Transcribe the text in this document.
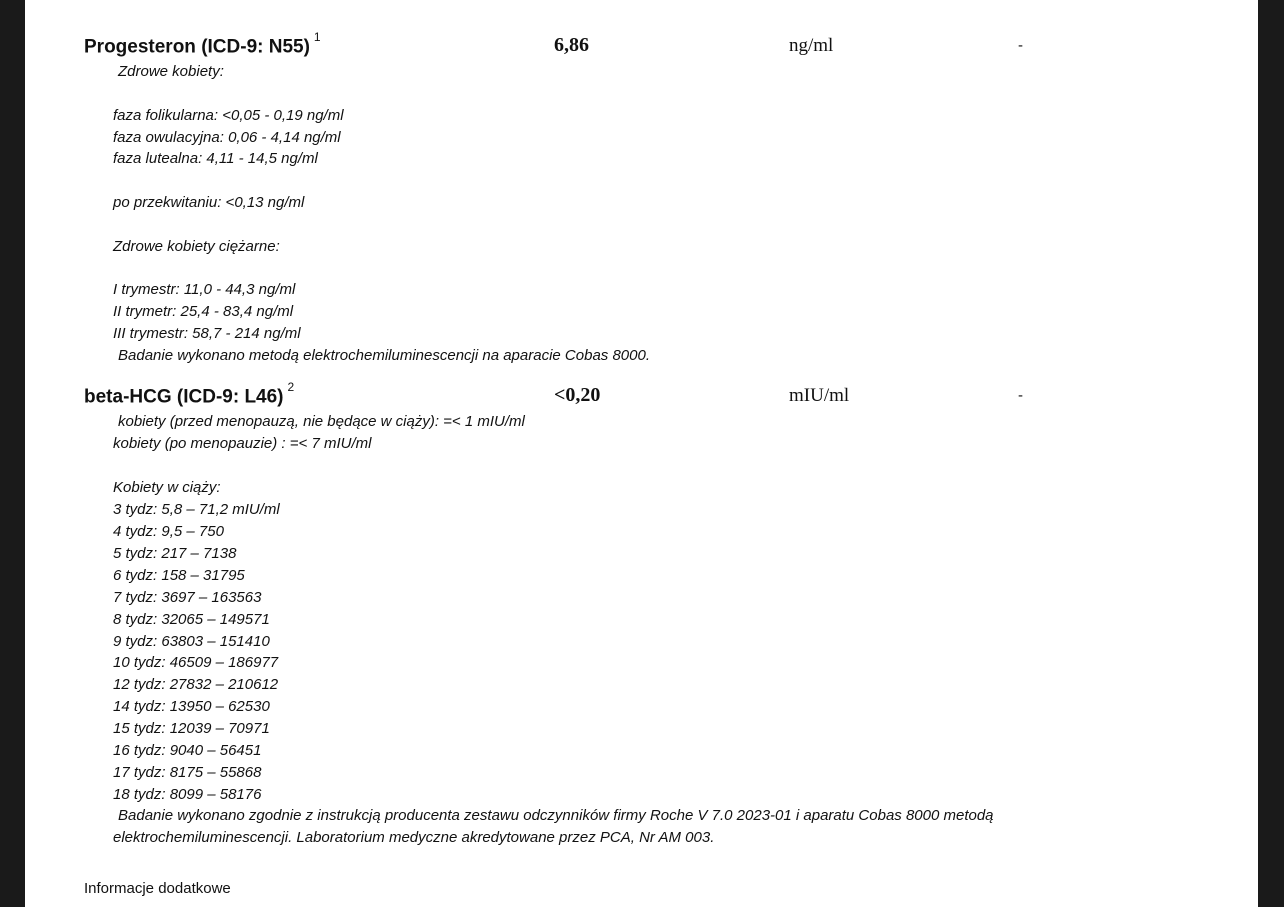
Progesteron (ICD-9: N55) $^1$	6,86	ng/ml	-
Zdrowe kobiety:
faza folikularna: <0,05 - 0,19 ng/ml
faza owulacyjna: 0,06 - 4,14 ng/ml
faza lutealna: 4,11 - 14,5 ng/ml
po przekwitaniu: <0,13 ng/ml
Zdrowe kobiety ciężarne:
I trymestr: 11,0 - 44,3 ng/ml
II trymetr: 25,4 - 83,4 ng/ml
III trymestr: 58,7 - 214 ng/ml
Badanie wykonano metodą elektrochemiluminescencji na aparacie Cobas 8000.
beta-HCG (ICD-9: L46) $^2$	<0,20	mIU/ml	-
kobiety (przed menopauzą, nie będące w ciąży): =< 1 mIU/ml
kobiety (po menopauzie) : =< 7 mIU/ml
Kobiety w ciąży:
3 tydz: 5,8 – 71,2 mIU/ml
4 tydz: 9,5 – 750
5 tydz: 217 – 7138
6 tydz: 158 – 31795
7 tydz: 3697 – 163563
8 tydz: 32065 – 149571
9 tydz: 63803 – 151410
10 tydz: 46509 – 186977
12 tydz: 27832 – 210612
14 tydz: 13950 – 62530
15 tydz: 12039 – 70971
16 tydz: 9040 – 56451
17 tydz: 8175 – 55868
18 tydz: 8099 – 58176
Badanie wykonano zgodnie z instrukcją producenta zestawu odczynników firmy Roche V 7.0 2023-01 i aparatu Cobas 8000 metodą
elektrochemiluminescencji. Laboratorium medyczne akredytowane przez PCA, Nr AM 003.
Informacje dodatkowe
